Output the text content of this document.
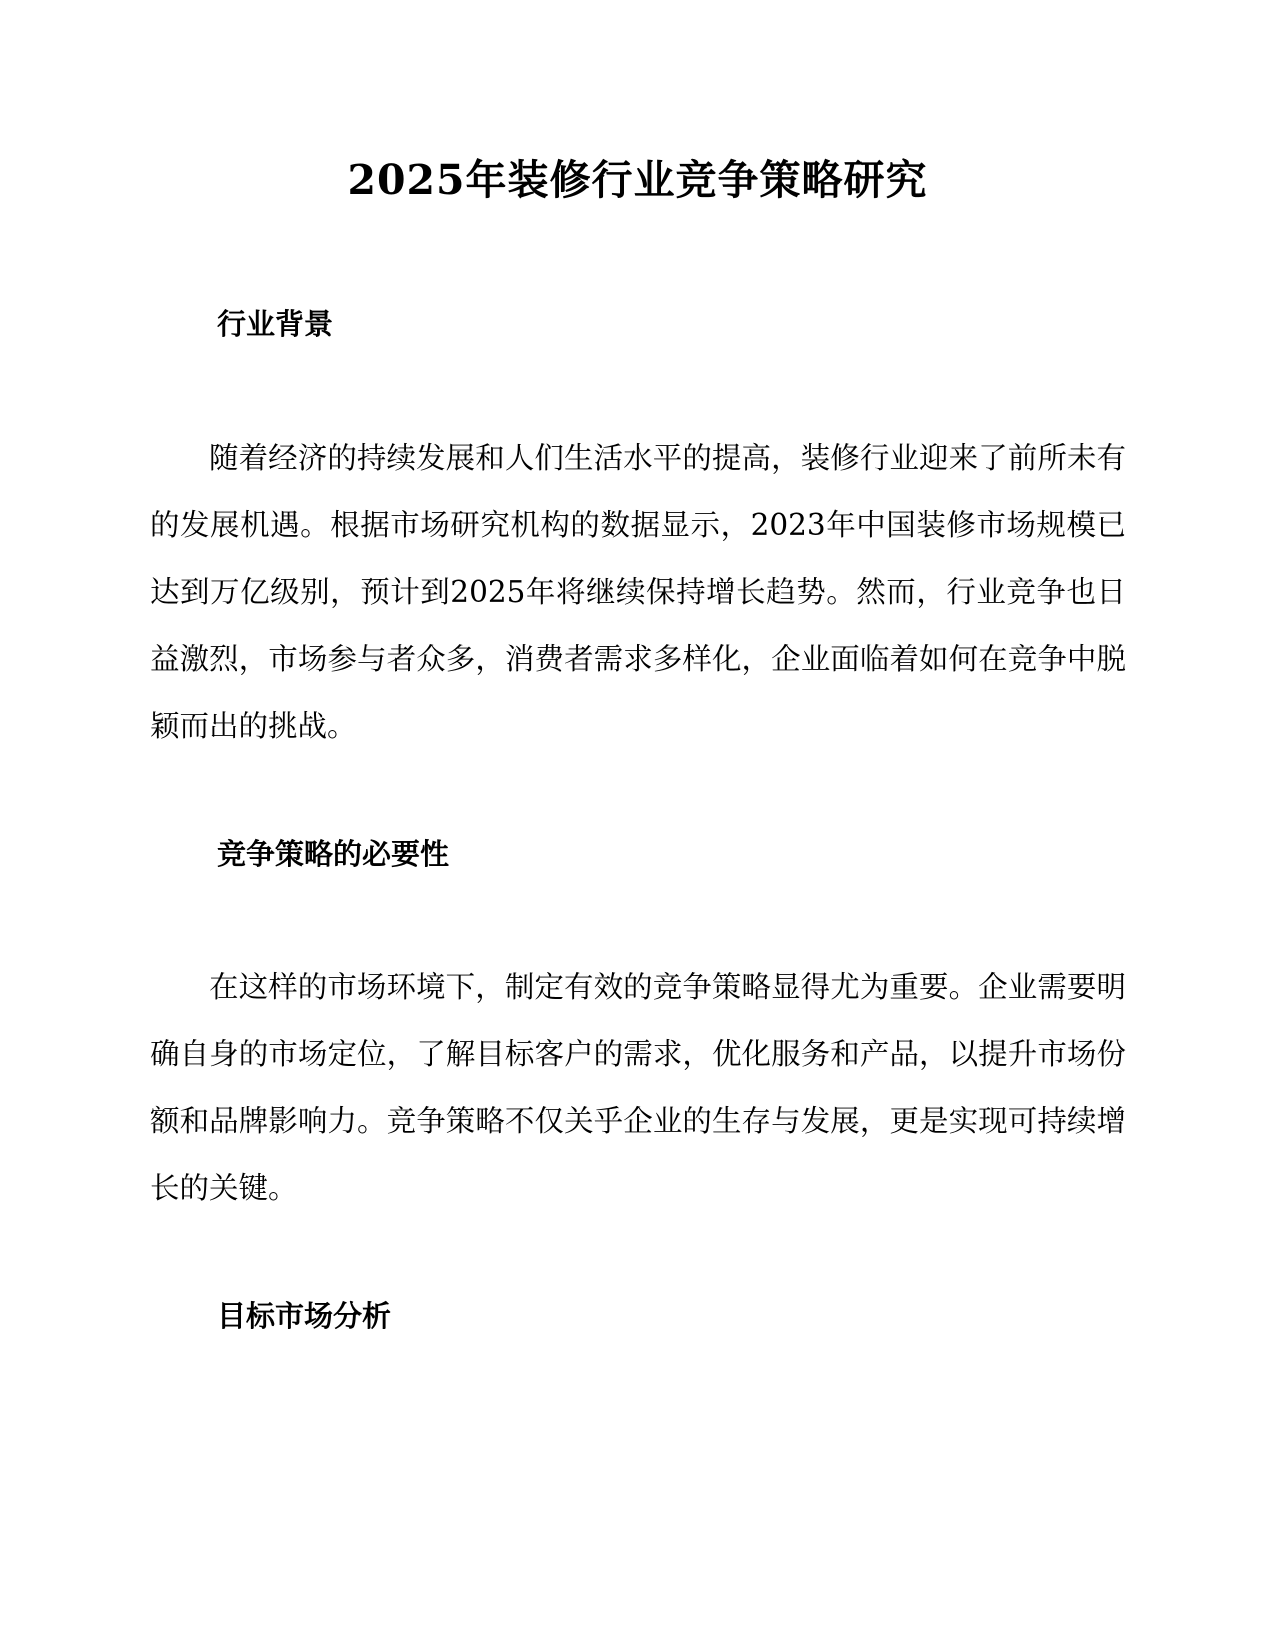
2025年装修行业竞争策略研究
行业背景

随着经济的持续发展和人们生活水平的提高，装修行业迎来了前所未有的发展机遇。根据市场研究机构的数据显示，2023年中国装修市场规模已达到万亿级别，预计到2025年将继续保持增长趋势。然而，行业竞争也日益激烈，市场参与者众多，消费者需求多样化，企业面临着如何在竞争中脱颖而出的挑战。

竞争策略的必要性

在这样的市场环境下，制定有效的竞争策略显得尤为重要。企业需要明确自身的市场定位，了解目标客户的需求，优化服务和产品，以提升市场份额和品牌影响力。竞争策略不仅关乎企业的生存与发展，更是实现可持续增长的关键。

目标市场分析
